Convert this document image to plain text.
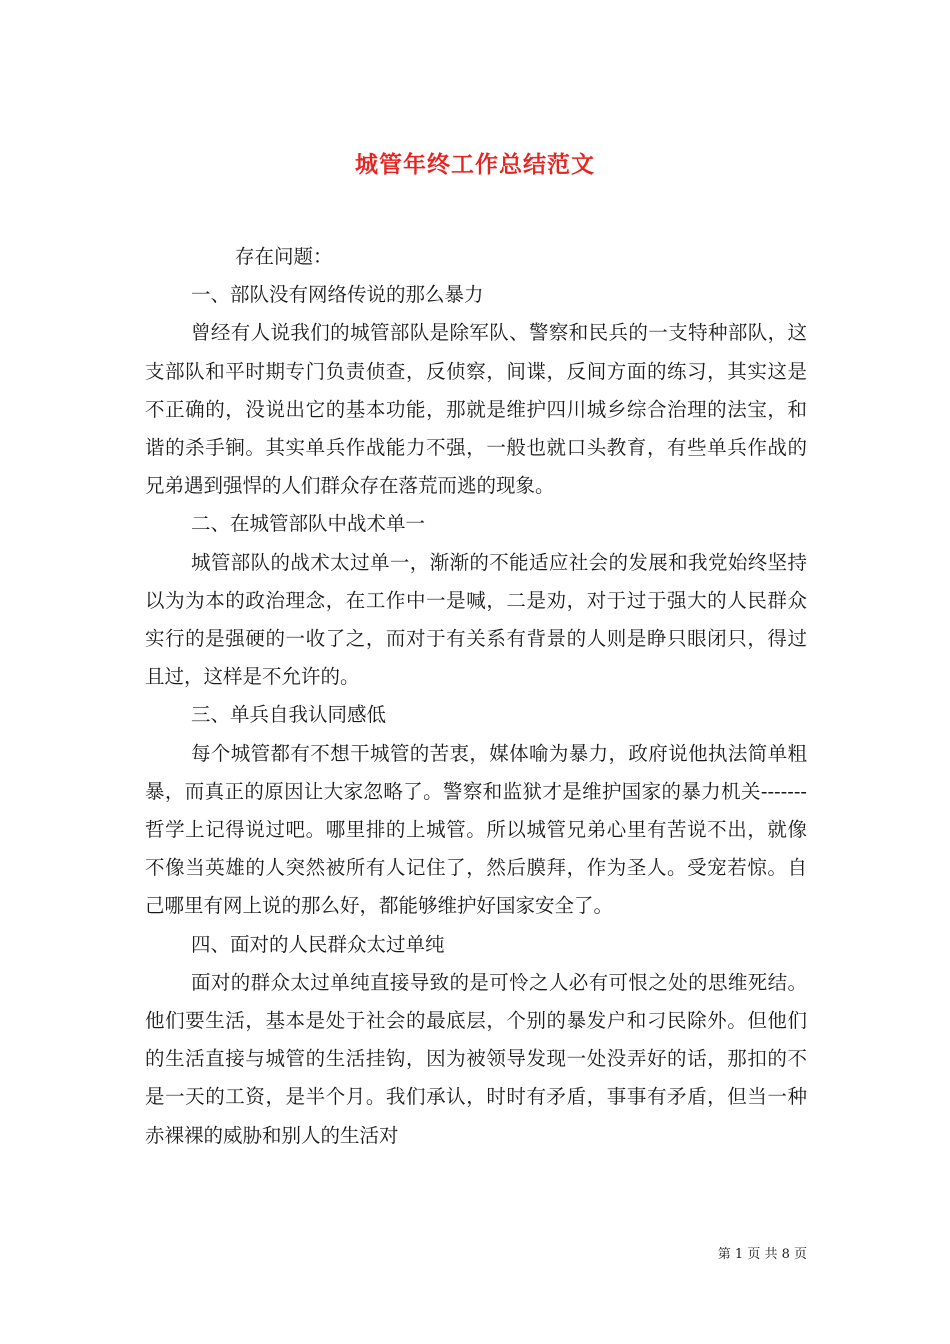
城管年终工作总结范文

存在问题：

一、部队没有网络传说的那么暴力

曾经有人说我们的城管部队是除军队、警察和民兵的一支特种部队，这支部队和平时期专门负责侦查，反侦察，间谍，反间方面的练习，其实这是不正确的，没说出它的基本功能，那就是维护四川城乡综合治理的法宝，和谐的杀手锏。其实单兵作战能力不强，一般也就口头教育，有些单兵作战的兄弟遇到强悍的人们群众存在落荒而逃的现象。

二、在城管部队中战术单一

城管部队的战术太过单一，渐渐的不能适应社会的发展和我党始终坚持以为为本的政治理念，在工作中一是喊，二是劝，对于过于强大的人民群众实行的是强硬的一收了之，而对于有关系有背景的人则是睁只眼闭只，得过且过，这样是不允许的。

三、单兵自我认同感低

每个城管都有不想干城管的苦衷，媒体喻为暴力，政府说他执法简单粗暴，而真正的原因让大家忽略了。警察和监狱才是维护国家的暴力机关-------哲学上记得说过吧。哪里排的上城管。所以城管兄弟心里有苦说不出，就像不像当英雄的人突然被所有人记住了，然后膜拜，作为圣人。受宠若惊。自己哪里有网上说的那么好，都能够维护好国家安全了。

四、面对的人民群众太过单纯

面对的群众太过单纯直接导致的是可怜之人必有可恨之处的思维死结。他们要生活，基本是处于社会的最底层，个别的暴发户和刁民除外。但他们的生活直接与城管的生活挂钩，因为被领导发现一处没弄好的话，那扣的不是一天的工资，是半个月。我们承认，时时有矛盾，事事有矛盾，但当一种赤裸裸的威胁和别人的生活对

第 1 页 共 8 页
